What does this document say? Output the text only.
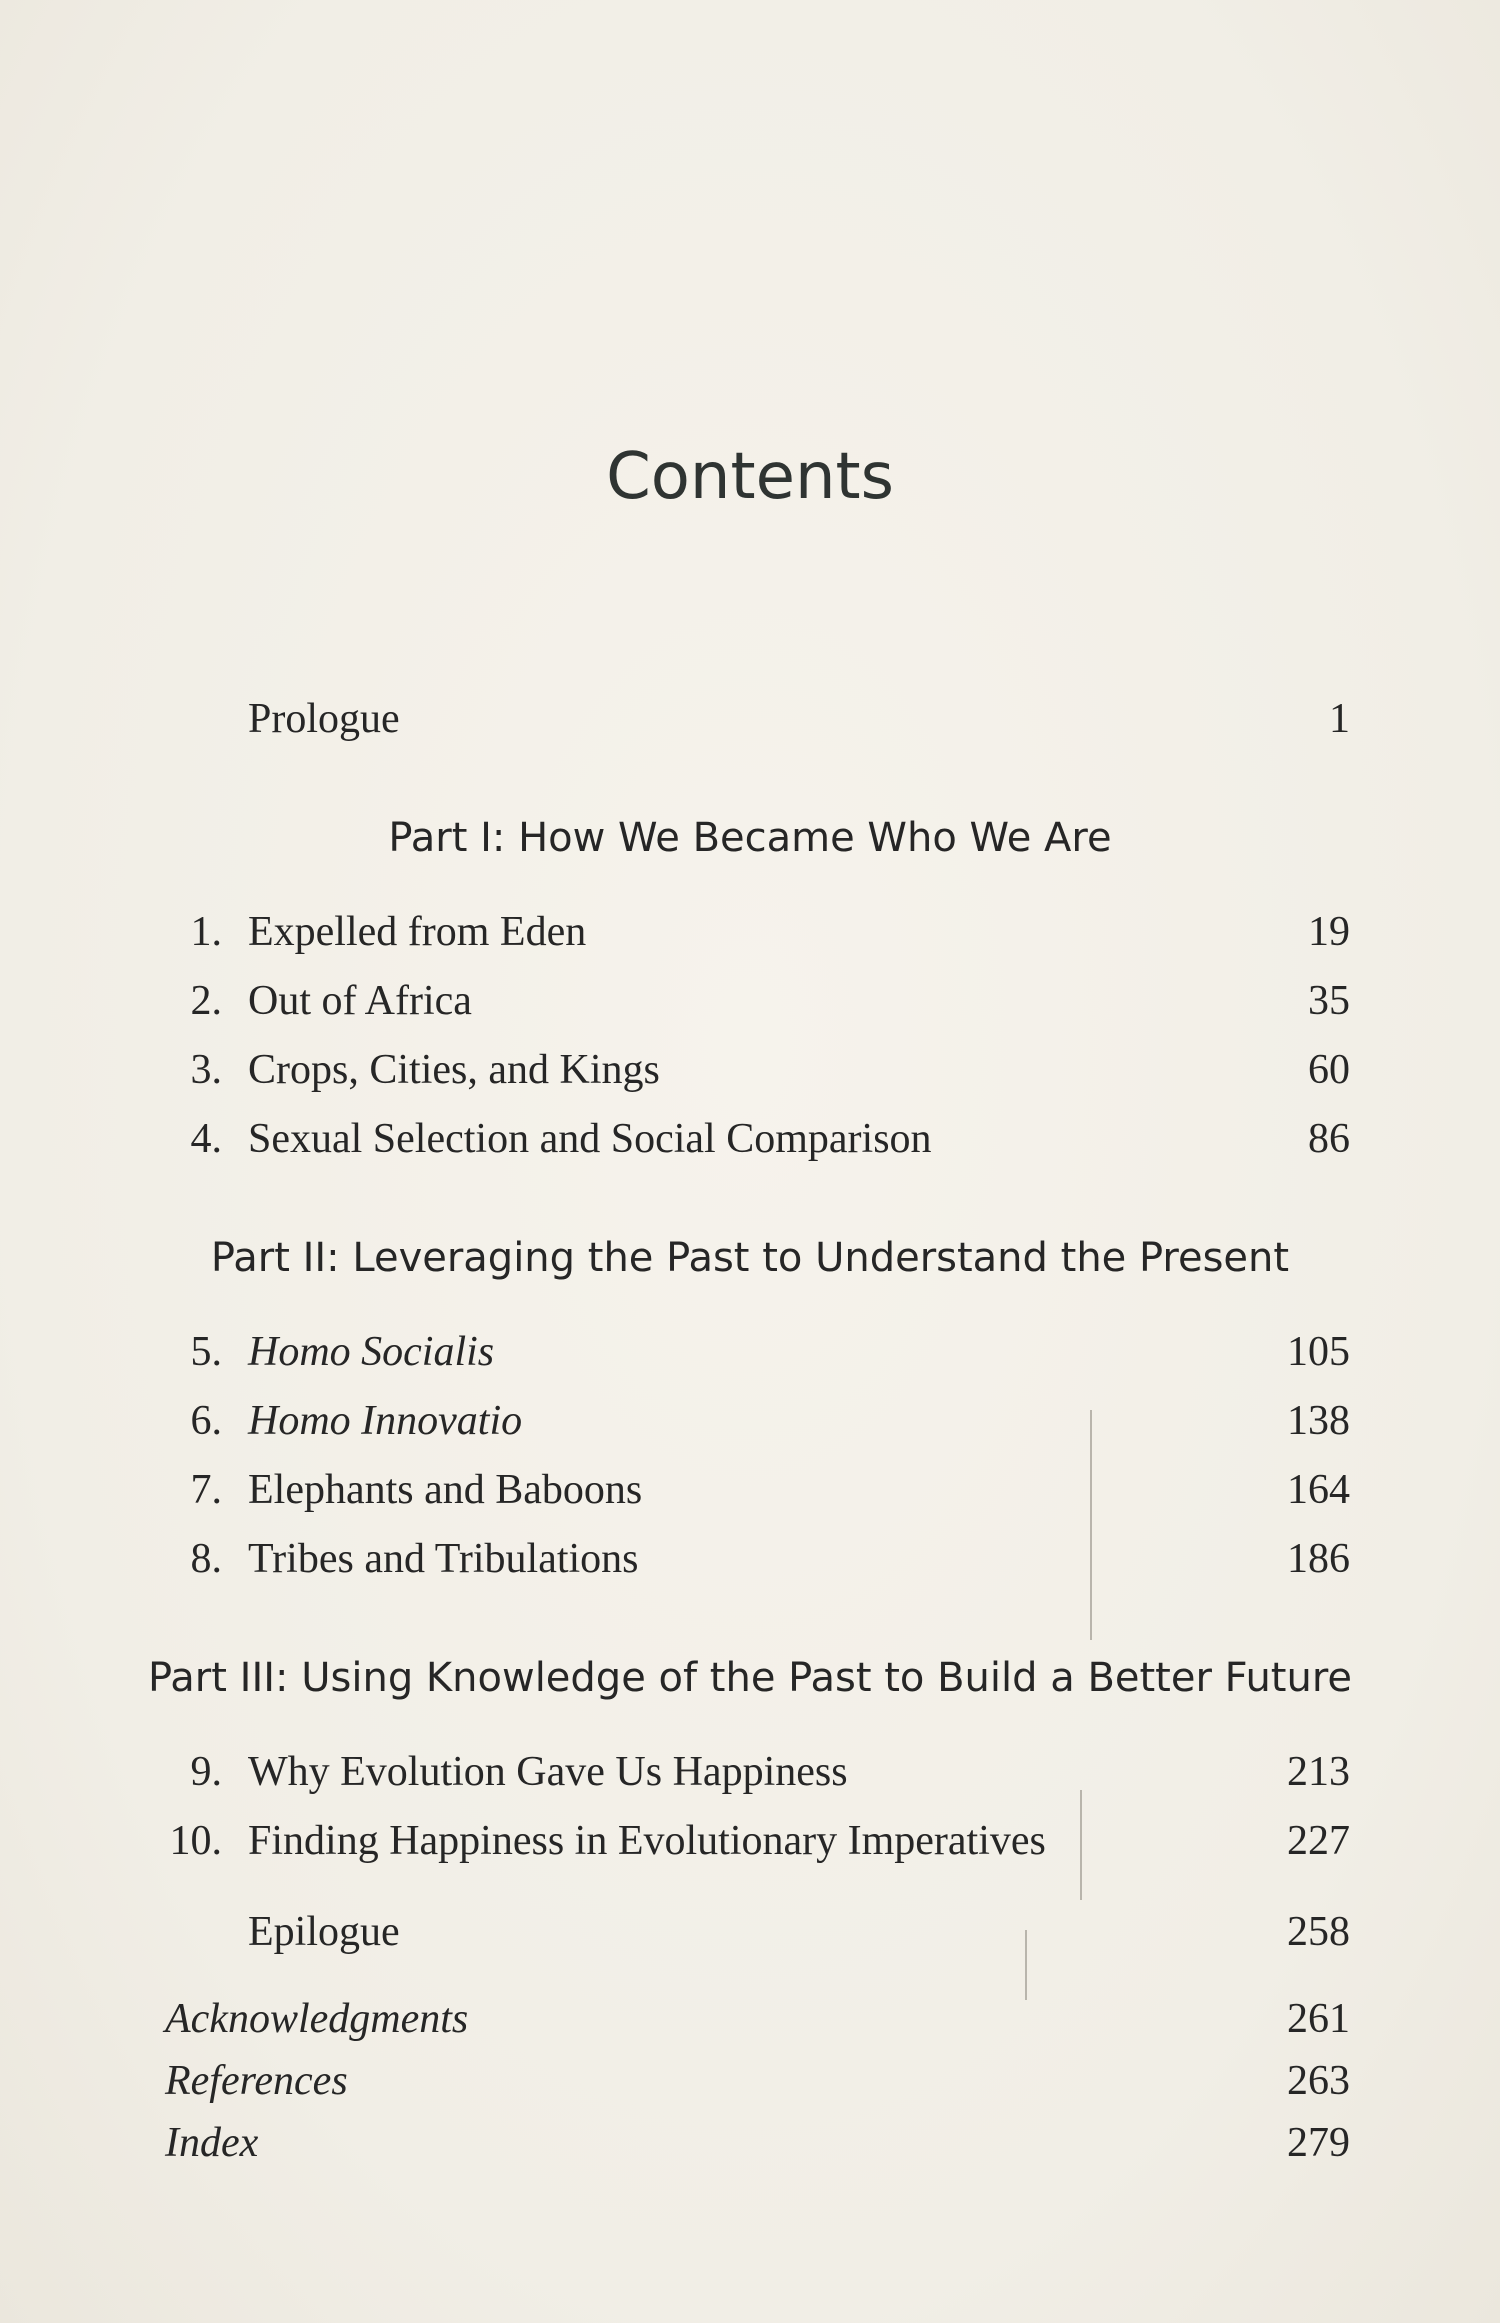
Contents
Prologue	1
Part I: How We Became Who We Are
1. Expelled from Eden	19
2. Out of Africa	35
3. Crops, Cities, and Kings	60
4. Sexual Selection and Social Comparison	86
Part II: Leveraging the Past to Understand the Present
5. Homo Socialis	105
6. Homo Innovatio	138
7. Elephants and Baboons	164
8. Tribes and Tribulations	186
Part III: Using Knowledge of the Past to Build a Better Future
9. Why Evolution Gave Us Happiness	213
10. Finding Happiness in Evolutionary Imperatives	227
Epilogue	258
Acknowledgments	261
References	263
Index	279
